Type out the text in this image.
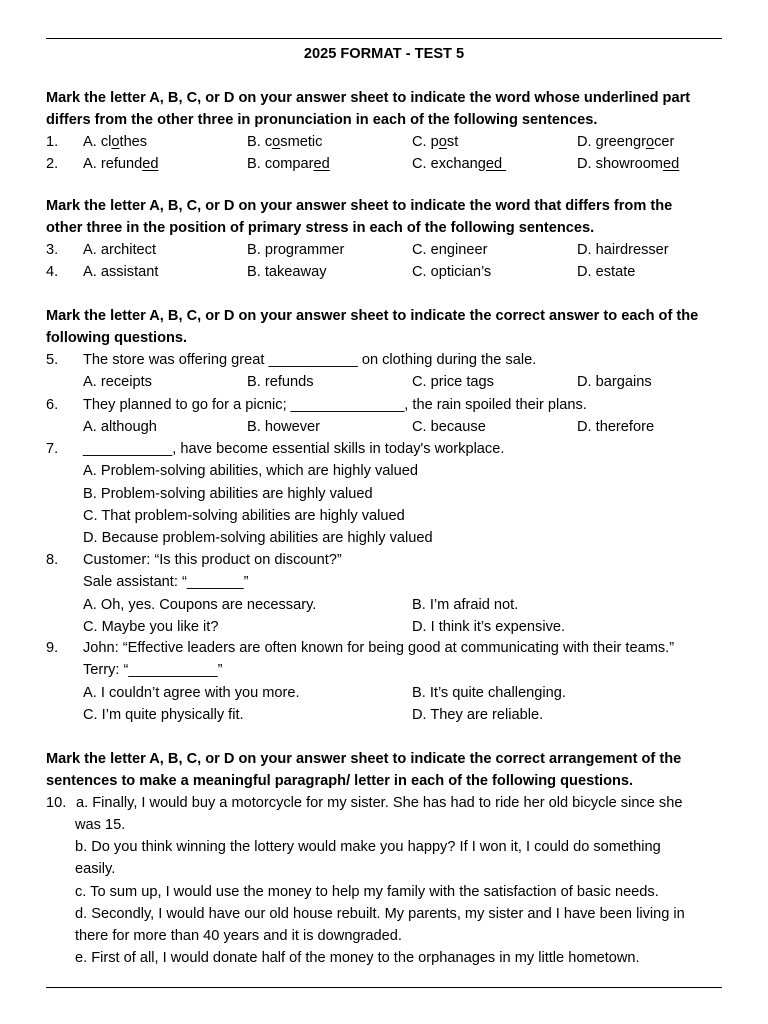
2025 FORMAT - TEST 5
Mark the letter A, B, C, or D on your answer sheet to indicate the word whose underlined part
differs from the other three in pronunciation in each of the following sentences.
1. A. clothes	B. cosmetic	C. post	D. greengrocer
2. A. refunded	B. compared	C. exchanged	D. showroomed
Mark the letter A, B, C, or D on your answer sheet to indicate the word that differs from the
other three in the position of primary stress in each of the following sentences.
3. A. architect	B. programmer	C. engineer	D. hairdresser
4. A. assistant	B. takeaway	C. optician’s	D. estate
Mark the letter A, B, C, or D on your answer sheet to indicate the correct answer to each of the
following questions.
5. The store was offering great ___________ on clothing during the sale.
A. receipts	B. refunds	C. price tags	D. bargains
6. They planned to go for a picnic; ______________, the rain spoiled their plans.
A. although	B. however	C. because	D. therefore
7. ___________, have become essential skills in today's workplace.
A. Problem-solving abilities, which are highly valued
B. Problem-solving abilities are highly valued
C. That problem-solving abilities are highly valued
D. Because problem-solving abilities are highly valued
8. Customer: “Is this product on discount?”
Sale assistant: “_______”
A. Oh, yes. Coupons are necessary.	B. I’m afraid not.
C. Maybe you like it?	D. I think it’s expensive.
9. John: “Effective leaders are often known for being good at communicating with their teams.”
Terry: “___________”
A. I couldn’t agree with you more.	B. It’s quite challenging.
C. I’m quite physically fit.	D. They are reliable.
Mark the letter A, B, C, or D on your answer sheet to indicate the correct arrangement of the
sentences to make a meaningful paragraph/ letter in each of the following questions.
10. a. Finally, I would buy a motorcycle for my sister. She has had to ride her old bicycle since she
was 15.
b. Do you think winning the lottery would make you happy? If I won it, I could do something
easily.
c. To sum up, I would use the money to help my family with the satisfaction of basic needs.
d. Secondly, I would have our old house rebuilt. My parents, my sister and I have been living in
there for more than 40 years and it is downgraded.
e. First of all, I would donate half of the money to the orphanages in my little hometown.
